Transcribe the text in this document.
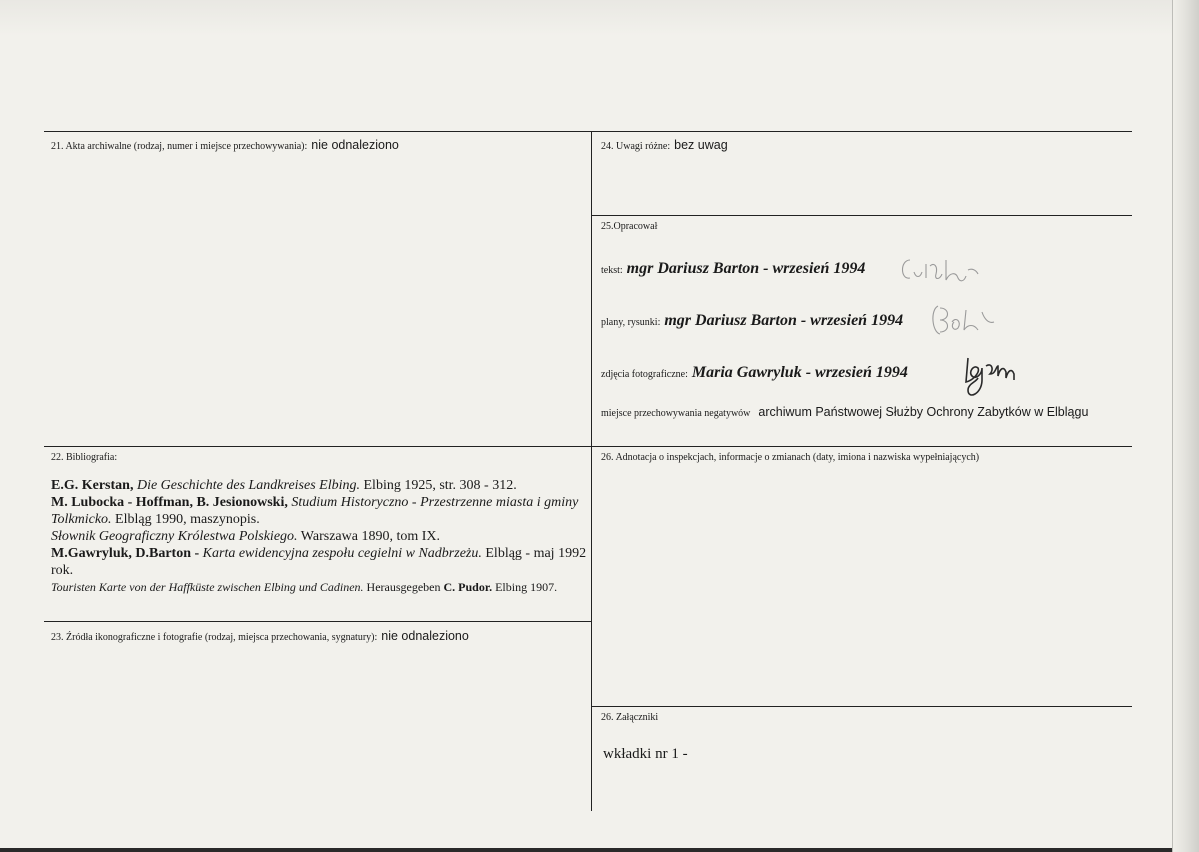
21. Akta archiwalne (rodzaj, numer i miejsce przechowywania): nie odnaleziono	24. Uwagi różne: bez uwag
25.Opracował
tekst: mgr Dariusz Barton - wrzesień 1994
plany, rysunki: mgr Dariusz Barton - wrzesień 1994
zdjęcia fotograficzne: Maria Gawryluk - wrzesień 1994
miejsce przechowywania negatywów archiwum Państwowej Służby Ochrony Zabytków w Elblągu
22. Bibliografia:

E.G. Kerstan, Die Geschichte des Landkreises Elbing. Elbing 1925, str. 308 - 312.

M. Lubocka - Hoffman, B. Jesionowski, Studium Historyczno - Przestrzenne miasta i gminy Tolkmicko. Elbląg 1990, maszynopis.

Słownik Geograficzny Królestwa Polskiego. Warszawa 1890, tom IX.

M.Gawryluk, D.Barton - Karta ewidencyjna zespołu cegielni w Nadbrzeżu. Elbląg - maj 1992 rok.

Touristen Karte von der Haffküste zwischen Elbing und Cadinen. Herausgegeben C. Pudor. Elbing 1907.

26. Adnotacja o inspekcjach, informacje o zmianach (daty, imiona i nazwiska wypełniających)
23. Źródła ikonograficzne i fotografie (rodzaj, miejsca przechowania, sygnatury): nie odnaleziono
26. Załączniki
wkładki nr 1 -
